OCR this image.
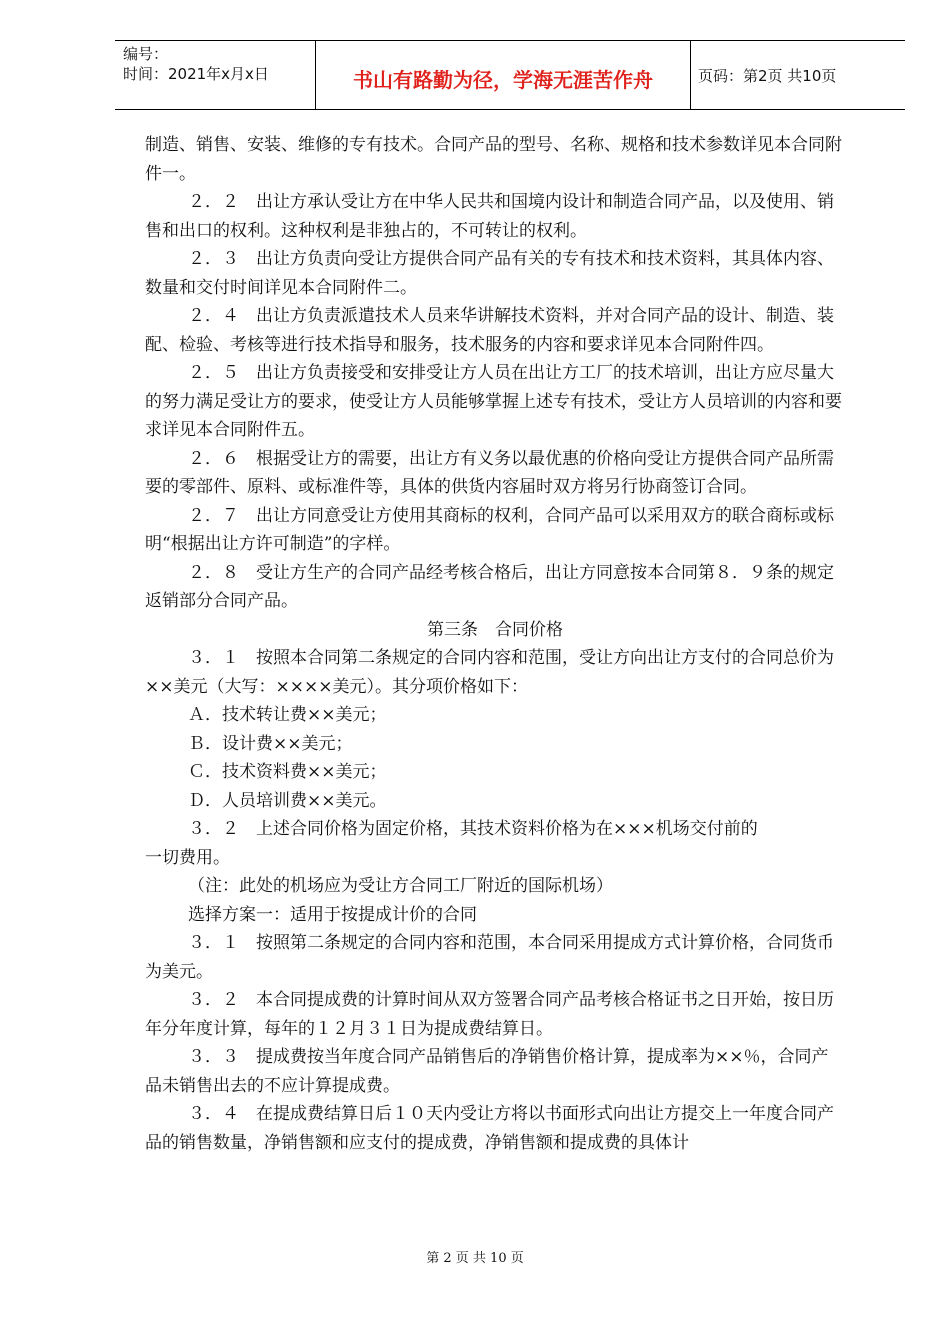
编号：
时间：2021年x月x日	书山有路勤为径，学海无涯苦作舟	页码：第2页 共10页

制造、销售、安装、维修的专有技术。合同产品的型号、名称、规格和技术参数详见本合同附件一。

２．２　出让方承认受让方在中华人民共和国境内设计和制造合同产品，以及使用、销售和出口的权利。这种权利是非独占的，不可转让的权利。

２．３　出让方负责向受让方提供合同产品有关的专有技术和技术资料，其具体内容、数量和交付时间详见本合同附件二。

２．４　出让方负责派遣技术人员来华讲解技术资料，并对合同产品的设计、制造、装配、检验、考核等进行技术指导和服务，技术服务的内容和要求详见本合同附件四。

２．５　出让方负责接受和安排受让方人员在出让方工厂的技术培训，出让方应尽量大的努力满足受让方的要求，使受让方人员能够掌握上述专有技术，受让方人员培训的内容和要求详见本合同附件五。

２．６　根据受让方的需要，出让方有义务以最优惠的价格向受让方提供合同产品所需要的零部件、原料、或标准件等，具体的供货内容届时双方将另行协商签订合同。

２．７　出让方同意受让方使用其商标的权利，合同产品可以采用双方的联合商标或标明“根据出让方许可制造”的字样。

２．８　受让方生产的合同产品经考核合格后，出让方同意按本合同第８．９条的规定返销部分合同产品。

第三条　合同价格

３．１　按照本合同第二条规定的合同内容和范围，受让方向出让方支付的合同总价为××美元（大写：××××美元）。其分项价格如下：

Ａ．技术转让费××美元；

Ｂ．设计费××美元；

Ｃ．技术资料费××美元；

Ｄ．人员培训费××美元。

３．２　上述合同价格为固定价格，其技术资料价格为在×××机场交付前的
一切费用。

（注：此处的机场应为受让方合同工厂附近的国际机场）

选择方案一：适用于按提成计价的合同

３．１　按照第二条规定的合同内容和范围，本合同采用提成方式计算价格，合同货币为美元。

３．２　本合同提成费的计算时间从双方签署合同产品考核合格证书之日开始，按日历年分年度计算，每年的１２月３１日为提成费结算日。

３．３　提成费按当年度合同产品销售后的净销售价格计算，提成率为××％，合同产品未销售出去的不应计算提成费。

３．４　在提成费结算日后１０天内受让方将以书面形式向出让方提交上一年度合同产品的销售数量，净销售额和应支付的提成费，净销售额和提成费的具体计

第 2 页 共 10 页
